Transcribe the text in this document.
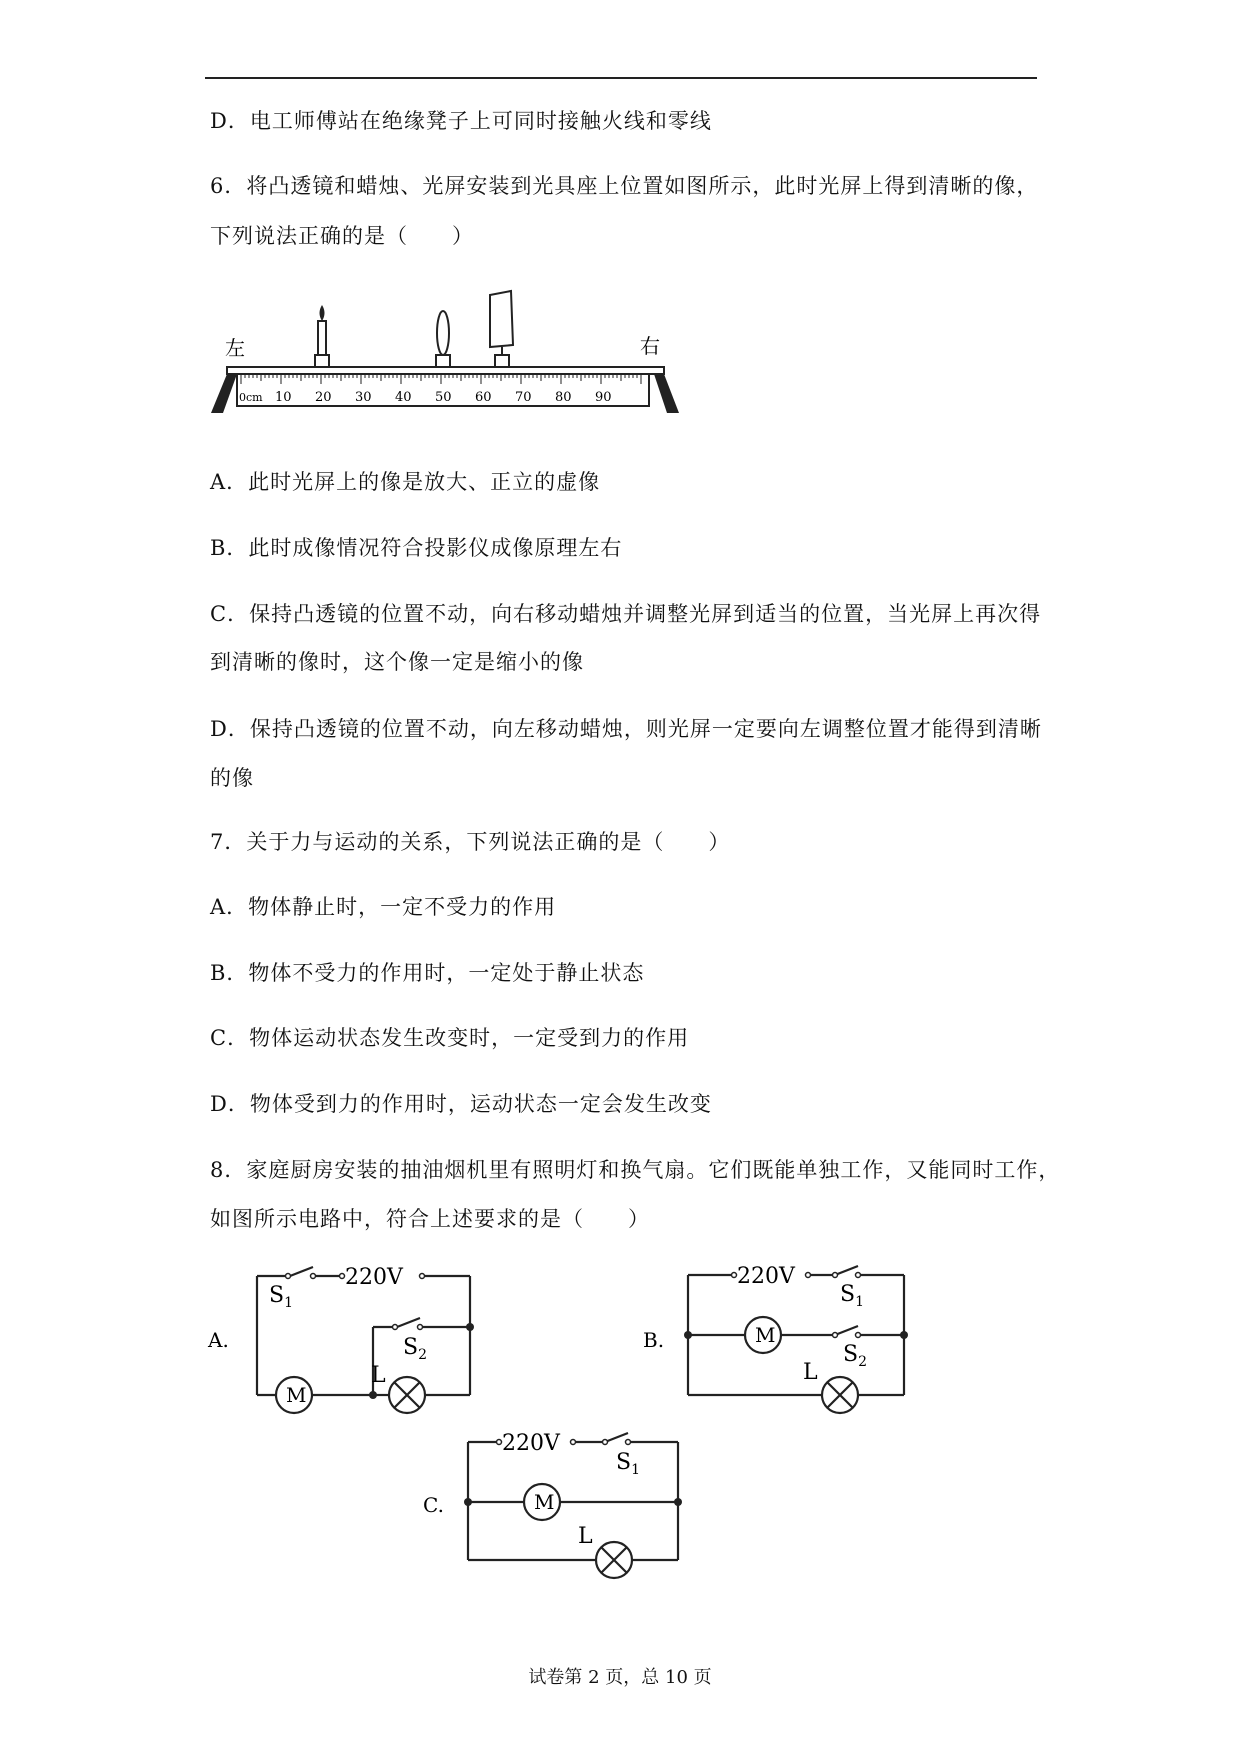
D．电工师傅站在绝缘凳子上可同时接触火线和零线
6．将凸透镜和蜡烛、光屏安装到光具座上位置如图所示，此时光屏上得到清晰的像，
下列说法正确的是（　　）
左	右
0cm 10 20 30 40 50 60 70 80 90
A．此时光屏上的像是放大、正立的虚像
B．此时成像情况符合投影仪成像原理左右
C．保持凸透镜的位置不动，向右移动蜡烛并调整光屏到适当的位置，当光屏上再次得
到清晰的像时，这个像一定是缩小的像
D．保持凸透镜的位置不动，向左移动蜡烛，则光屏一定要向左调整位置才能得到清晰
的像
7．关于力与运动的关系，下列说法正确的是（　　）
A．物体静止时，一定不受力的作用
B．物体不受力的作用时，一定处于静止状态
C．物体运动状态发生改变时，一定受到力的作用
D．物体受到力的作用时，运动状态一定会发生改变
8．家庭厨房安装的抽油烟机里有照明灯和换气扇。它们既能单独工作，又能同时工作，
如图所示电路中，符合上述要求的是（　　）
A.
220V
$S_1$
$S_2$
M
L
B.
220V
$S_1$
$S_2$
M
L
C.
220V
$S_1$
M
L
试卷第 2 页，总 10 页
